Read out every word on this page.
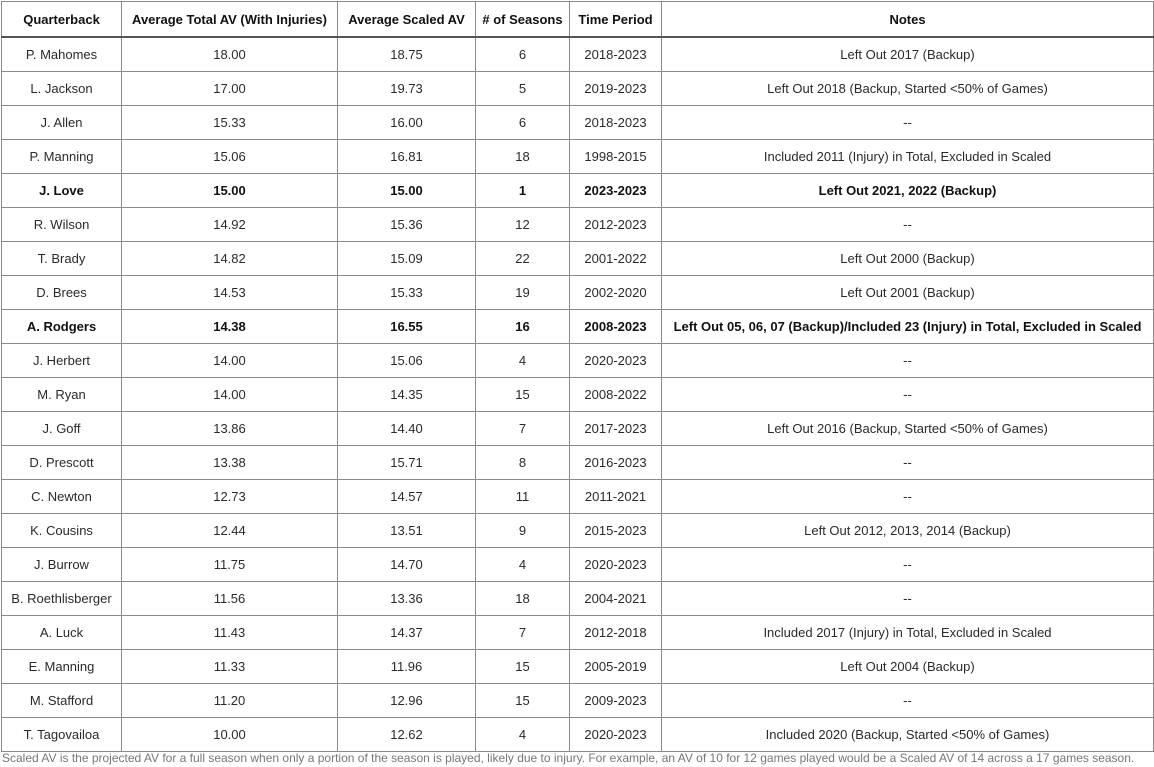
Quarterback	Average Total AV (With Injuries)	Average Scaled AV	# of Seasons	Time Period	Notes
P. Mahomes	18.00	18.75	6	2018-2023	Left Out 2017 (Backup)
L. Jackson	17.00	19.73	5	2019-2023	Left Out 2018 (Backup, Started <50% of Games)
J. Allen	15.33	16.00	6	2018-2023	--
P. Manning	15.06	16.81	18	1998-2015	Included 2011 (Injury) in Total, Excluded in Scaled
J. Love	15.00	15.00	1	2023-2023	Left Out 2021, 2022 (Backup)
R. Wilson	14.92	15.36	12	2012-2023	--
T. Brady	14.82	15.09	22	2001-2022	Left Out 2000 (Backup)
D. Brees	14.53	15.33	19	2002-2020	Left Out 2001 (Backup)
A. Rodgers	14.38	16.55	16	2008-2023	Left Out 05, 06, 07 (Backup)/Included 23 (Injury) in Total, Excluded in Scaled
J. Herbert	14.00	15.06	4	2020-2023	--
M. Ryan	14.00	14.35	15	2008-2022	--
J. Goff	13.86	14.40	7	2017-2023	Left Out 2016 (Backup, Started <50% of Games)
D. Prescott	13.38	15.71	8	2016-2023	--
C. Newton	12.73	14.57	11	2011-2021	--
K. Cousins	12.44	13.51	9	2015-2023	Left Out 2012, 2013, 2014 (Backup)
J. Burrow	11.75	14.70	4	2020-2023	--
B. Roethlisberger	11.56	13.36	18	2004-2021	--
A. Luck	11.43	14.37	7	2012-2018	Included 2017 (Injury) in Total, Excluded in Scaled
E. Manning	11.33	11.96	15	2005-2019	Left Out 2004 (Backup)
M. Stafford	11.20	12.96	15	2009-2023	--
T. Tagovailoa	10.00	12.62	4	2020-2023	Included 2020 (Backup, Started <50% of Games)
Scaled AV is the projected AV for a full season when only a portion of the season is played, likely due to injury. For example, an AV of 10 for 12 games played would be a Scaled AV of 14 across a 17 games season.
